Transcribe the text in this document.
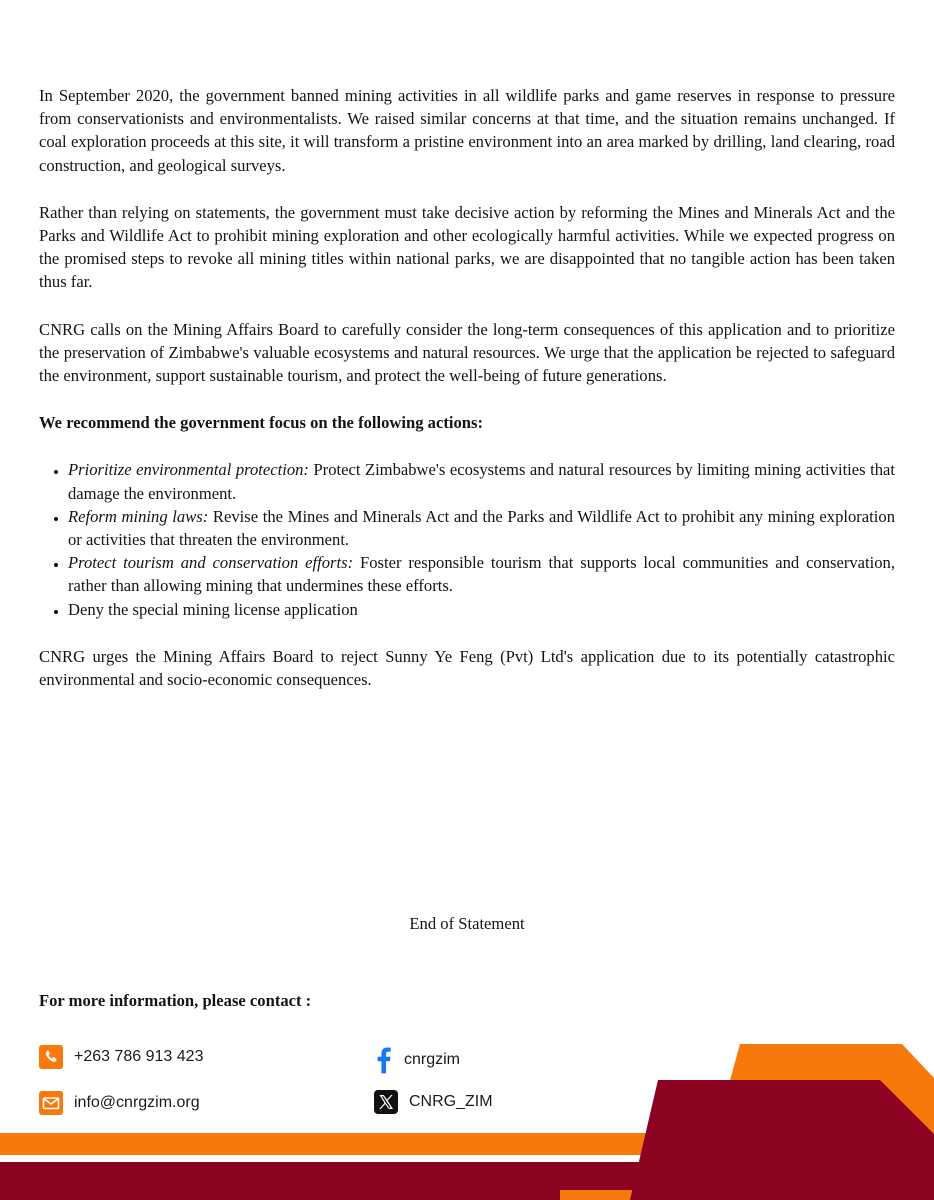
In September 2020, the government banned mining activities in all wildlife parks and game reserves in response to pressure from conservationists and environmentalists. We raised similar concerns at that time, and the situation remains unchanged. If coal exploration proceeds at this site, it will transform a pristine environment into an area marked by drilling, land clearing, road construction, and geological surveys.

Rather than relying on statements, the government must take decisive action by reforming the Mines and Minerals Act and the Parks and Wildlife Act to prohibit mining exploration and other ecologically harmful activities. While we expected progress on the promised steps to revoke all mining titles within national parks, we are disappointed that no tangible action has been taken thus far.

CNRG calls on the Mining Affairs Board to carefully consider the long-term consequences of this application and to prioritize the preservation of Zimbabwe's valuable ecosystems and natural resources. We urge that the application be rejected to safeguard the environment, support sustainable tourism, and protect the well-being of future generations.

We recommend the government focus on the following actions:

• Prioritize environmental protection: Protect Zimbabwe's ecosystems and natural resources by limiting mining activities that damage the environment.
• Reform mining laws: Revise the Mines and Minerals Act and the Parks and Wildlife Act to prohibit any mining exploration or activities that threaten the environment.
• Protect tourism and conservation efforts: Foster responsible tourism that supports local communities and conservation, rather than allowing mining that undermines these efforts.
• Deny the special mining license application

CNRG urges the Mining Affairs Board to reject Sunny Ye Feng (Pvt) Ltd's application due to its potentially catastrophic environmental and socio-economic consequences.

End of Statement
For more information, please contact :
+263 786 913 423
info@cnrgzim.org
cnrgzim
CNRG_ZIM
